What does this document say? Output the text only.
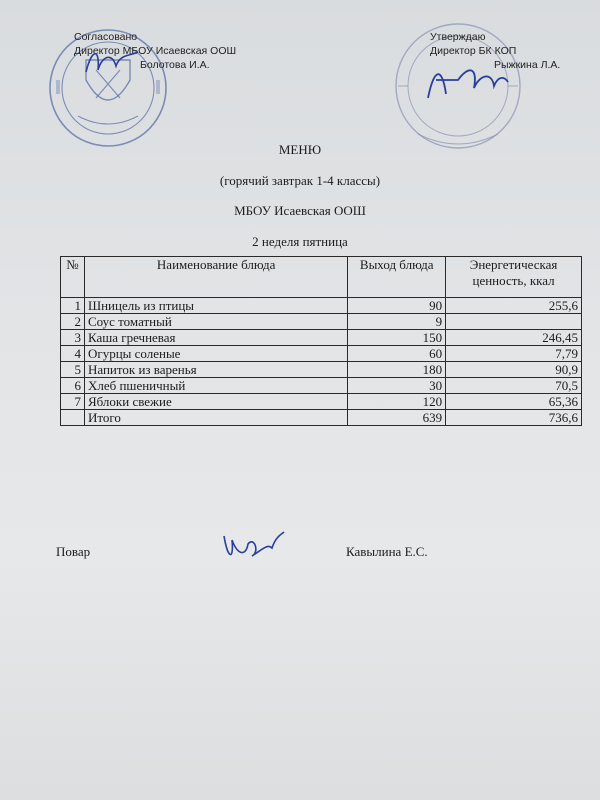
Согласовано
Директор МБОУ Исаевская ООШ
Болотова И.А.
Утверждаю
Директор БК КОП
Рыжкина Л.А.
МЕНЮ
(горячий завтрак 1-4 классы)
МБОУ Исаевская ООШ
2 неделя пятница
№	Наименование блюда	Выход блюда	Энергетическая ценность, ккал
1	Шницель из птицы	90	255,6
2	Соус томатный	9	
3	Каша гречневая	150	246,45
4	Огурцы соленые	60	7,79
5	Напиток из варенья	180	90,9
6	Хлеб пшеничный	30	70,5
7	Яблоки свежие	120	65,36
	Итого	639	736,6
Повар	Кавылина Е.С.
